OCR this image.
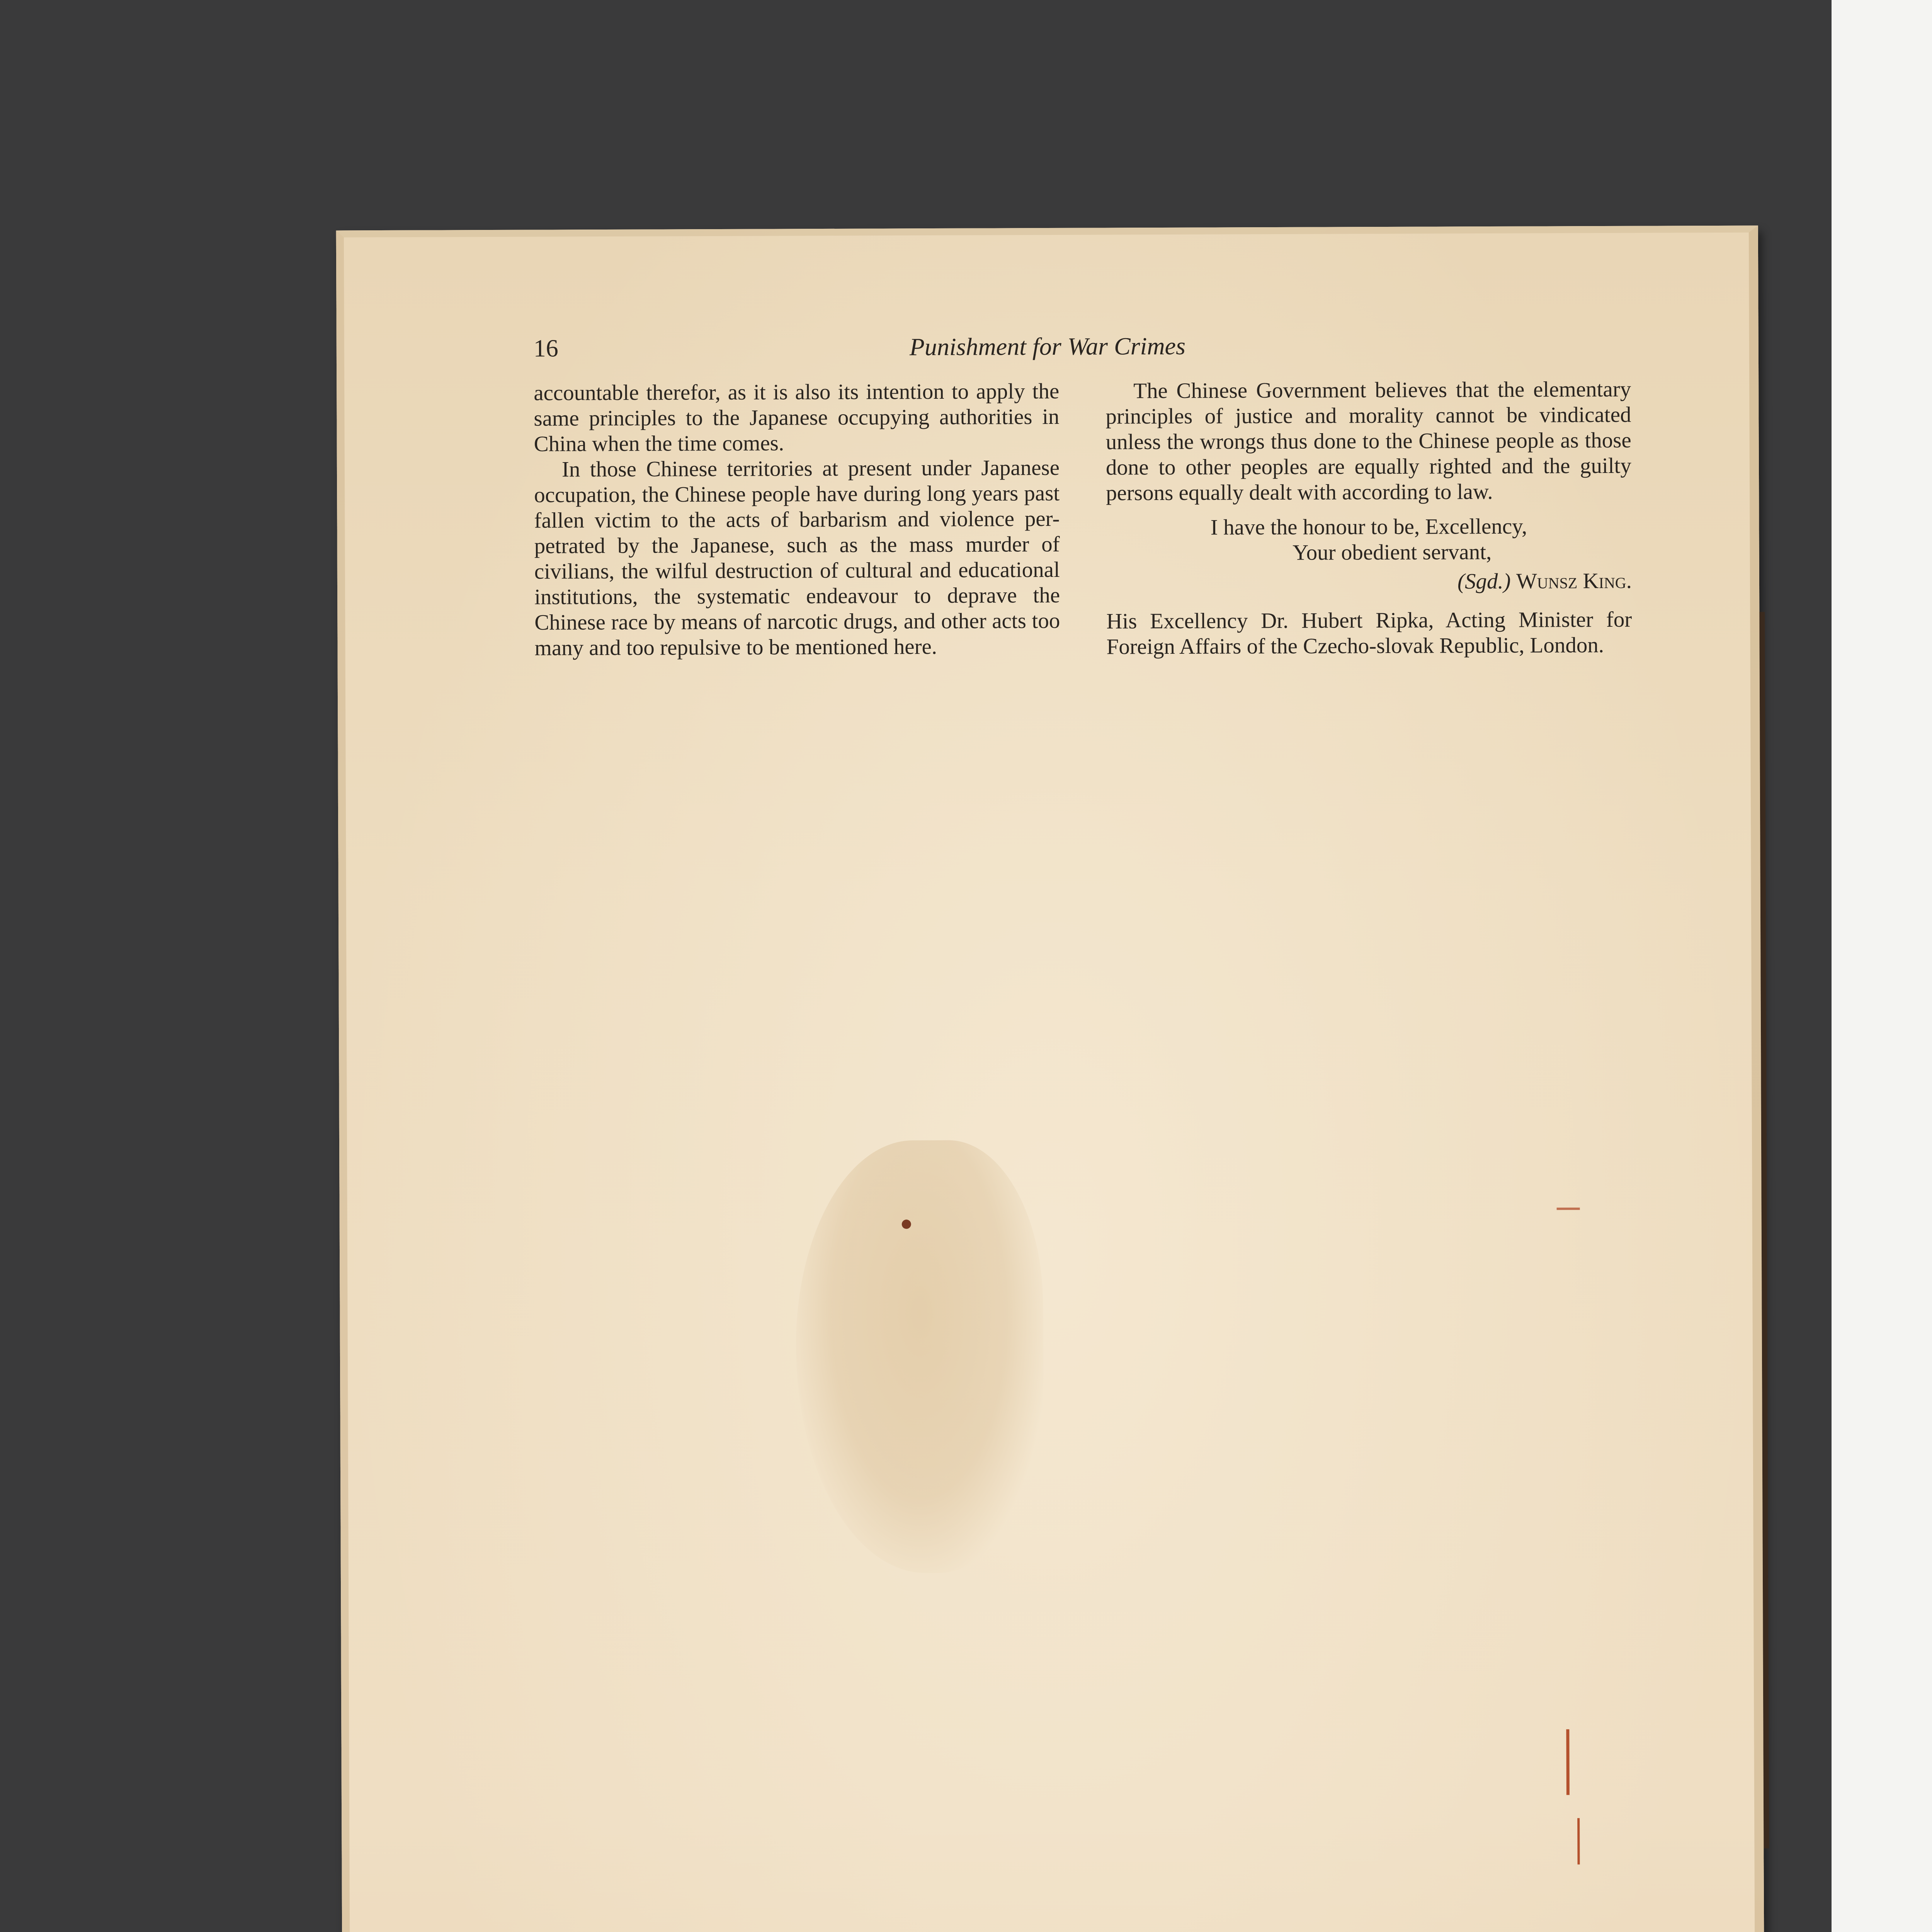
16	Punishment for War Crimes

accountable therefor, as it is also its intention to apply the same principles to the Japanese occupying authorities in China when the time comes.

In those Chinese territories at present under Japanese occupation, the Chinese people have during long years past fallen victim to the acts of barbarism and violence per-petrated by the Japanese, such as the mass murder of civilians, the wilful destruction of cultural and educational institutions, the systematic endeavour to deprave the Chinese race by means of narcotic drugs, and other acts too many and too repulsive to be mentioned here.

The Chinese Government believes that the elementary principles of justice and morality cannot be vindicated unless the wrongs thus done to the Chinese people as those done to other peoples are equally righted and the guilty persons equally dealt with according to law.

I have the honour to be, Excellency,

Your obedient servant,

(Sgd.) Wunsz King.

His Excellency Dr. Hubert Ripka, Acting Minister for Foreign Affairs of the Czecho-slovak Republic, London.
